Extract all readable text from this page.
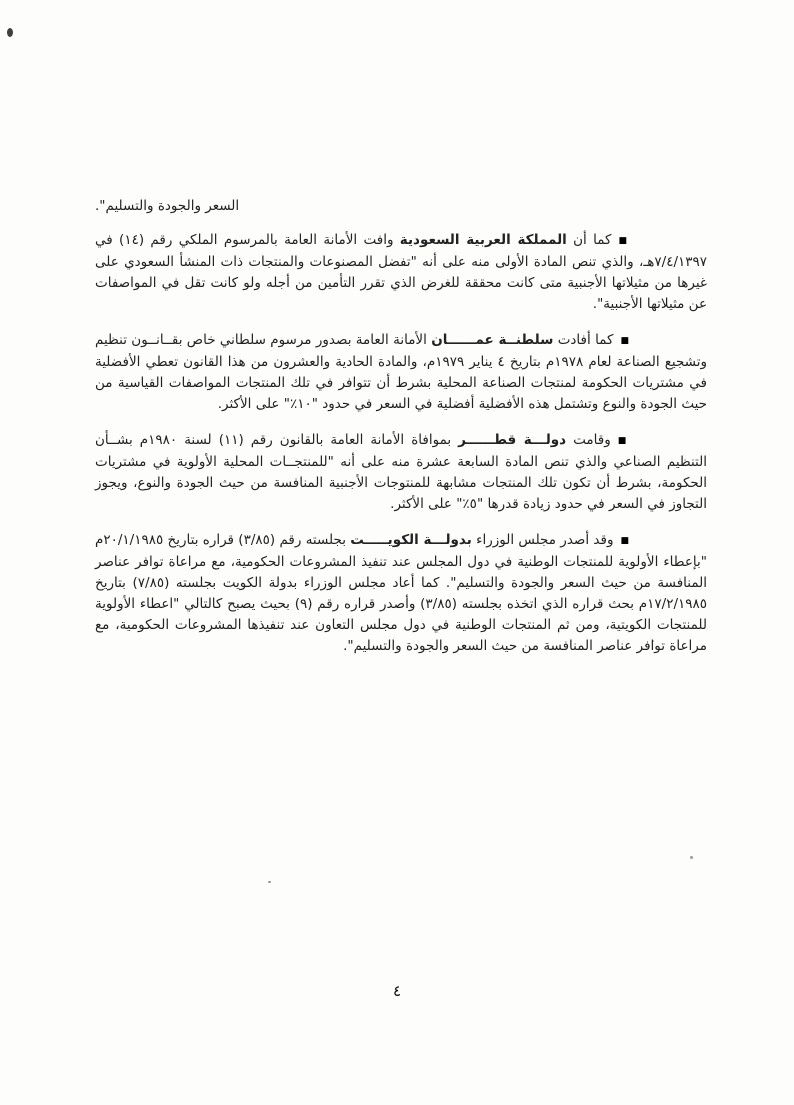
السعر والجودة والتسليم".

■كما أن المملكة العربية السعودية وافت الأمانة العامة بالمرسوم الملكي رقم (١٤) في ٧/٤/١٣٩٧هـ، والذي تنص المادة الأولى منه على أنه "تفضل المصنوعات والمنتجات ذات المنشأ السعودي على غيرها من مثيلاتها الأجنبية متى كانت محققة للغرض الذي تقرر التأمين من أجله ولو كانت تقل في المواصفات عن مثيلاتها الأجنبية".

■كما أفادت سلطنــة عمــــــان الأمانة العامة بصدور مرسوم سلطاني خاص بقــانــون تنظيم وتشجيع الصناعة لعام ١٩٧٨م بتاريخ ٤ يناير ١٩٧٩م، والمادة الحادية والعشرون من هذا القانون تعطي الأفضلية في مشتريات الحكومة لمنتجات الصناعة المحلية بشرط أن تتوافر في تلك المنتجات المواصفات القياسية من حيث الجودة والنوع وتشتمل هذه الأفضلية أفضلية في السعر في حدود "١٠٪" على الأكثر.

■وقامت دولـــة قطــــــر بموافاة الأمانة العامة بالقانون رقم (١١) لسنة ١٩٨٠م بشــأن التنظيم الصناعي والذي تنص المادة السابعة عشرة منه على أنه "للمنتجــات المحلية الأولوية في مشتريات الحكومة، بشرط أن تكون تلك المنتجات مشابهة للمنتوجات الأجنبية المنافسة من حيث الجودة والنوع، ويجوز التجاوز في السعر في حدود زيادة قدرها "٥٪" على الأكثر.

■وقد أصدر مجلس الوزراء بدولـــة الكويـــــت بجلسته رقم (٣/٨٥) قراره بتاريخ ٢٠/١/١٩٨٥م "بإعطاء الأولوية للمنتجات الوطنية في دول المجلس عند تنفيذ المشروعات الحكومية، مع مراعاة توافر عناصر المنافسة من حيث السعر والجودة والتسليم". كما أعاد مجلس الوزراء بدولة الكويت بجلسته (٧/٨٥) بتاريخ ١٧/٢/١٩٨٥م بحث قراره الذي اتخذه بجلسته (٣/٨٥) وأصدر قراره رقم (٩) بحيث يصبح كالتالي "اعطاء الأولوية للمنتجات الكويتية، ومن ثم المنتجات الوطنية في دول مجلس التعاون عند تنفيذها المشروعات الحكومية، مع مراعاة توافر عناصر المنافسة من حيث السعر والجودة والتسليم".

٤
